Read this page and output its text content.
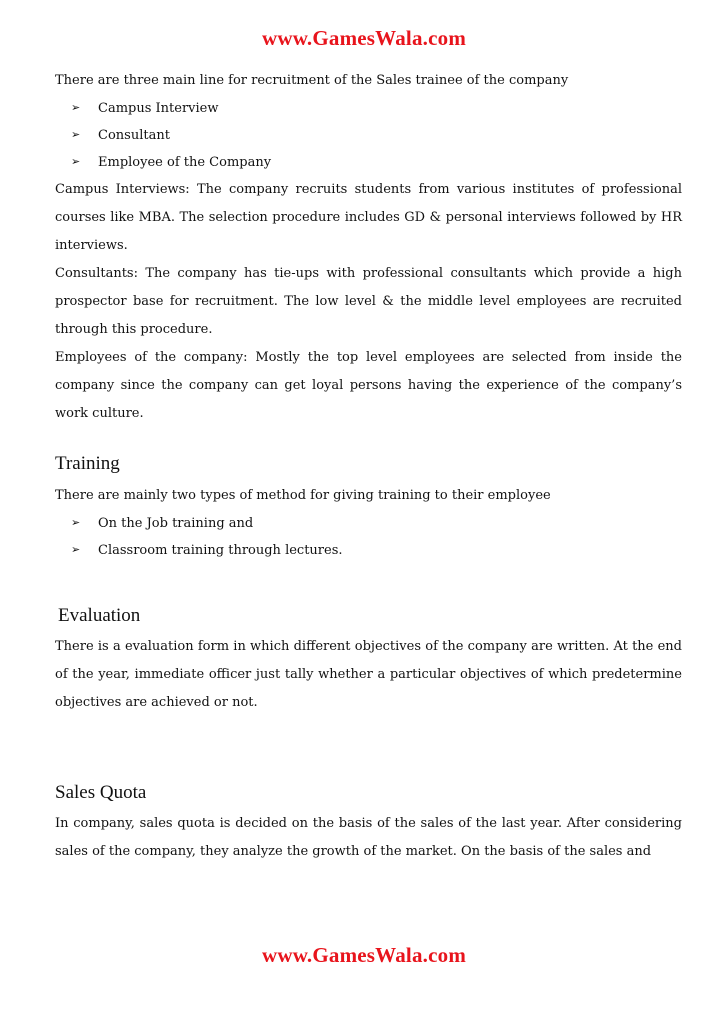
www.GamesWala.com

There are three main line for recruitment of the Sales trainee of the company

➢ Campus Interview
➢ Consultant
➢ Employee of the Company

Campus Interviews: The company recruits students from various institutes of professional courses like MBA. The selection procedure includes GD & personal interviews followed by HR interviews.

Consultants: The company has tie-ups with professional consultants which provide a high prospector base for recruitment. The low level & the middle level employees are recruited through this procedure.

Employees of the company: Mostly the top level employees are selected from inside the company since the company can get loyal persons having the experience of the company’s work culture.

Training

There are mainly two types of method for giving training to their employee

➢ On the Job training and
➢ Classroom training through lectures.
Evaluation

There is a evaluation form in which different objectives of the company are written. At the end of the year, immediate officer just tally whether a particular objectives of which predetermine objectives are achieved or not.

Sales Quota

In company, sales quota is decided on the basis of the sales of the last year. After considering sales of the company, they analyze the growth of the market. On the basis of the sales and

www.GamesWala.com
